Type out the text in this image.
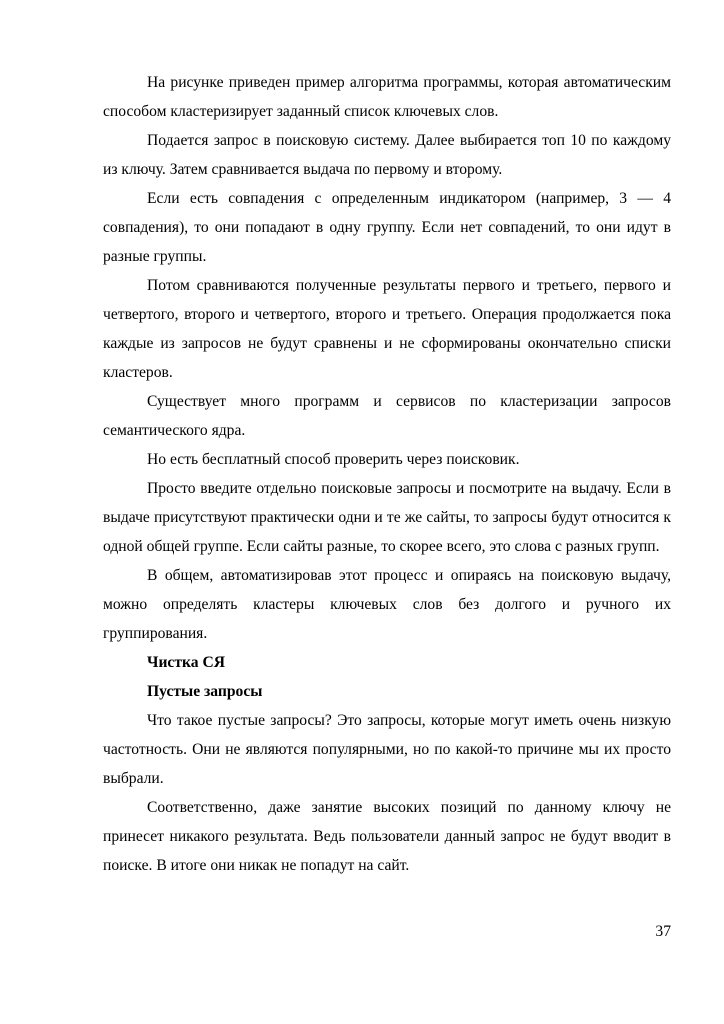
На рисунке приведен пример алгоритма программы, которая автоматическим способом кластеризирует заданный список ключевых слов.

Подается запрос в поисковую систему. Далее выбирается топ 10 по каждому из ключу. Затем сравнивается выдача по первому и второму.

Если есть совпадения с определенным индикатором (например, 3 — 4 совпадения), то они попадают в одну группу. Если нет совпадений, то они идут в разные группы.

Потом сравниваются полученные результаты первого и третьего, первого и четвертого, второго и четвертого, второго и третьего. Операция продолжается пока каждые из запросов не будут сравнены и не сформированы окончательно списки кластеров.

Существует много программ и сервисов по кластеризации запросов семантического ядра.

Но есть бесплатный способ проверить через поисковик.

Просто введите отдельно поисковые запросы и посмотрите на выдачу. Если в выдаче присутствуют практически одни и те же сайты, то запросы будут относится к одной общей группе. Если сайты разные, то скорее всего, это слова с разных групп.

В общем, автоматизировав этот процесс и опираясь на поисковую выдачу, можно определять кластеры ключевых слов без долгого и ручного их группирования.

Чистка СЯ

Пустые запросы

Что такое пустые запросы? Это запросы, которые могут иметь очень низкую частотность. Они не являются популярными, но по какой-то причине мы их просто выбрали.

Соответственно, даже занятие высоких позиций по данному ключу не принесет никакого результата. Ведь пользователи данный запрос не будут вводит в поиске. В итоге они никак не попадут на сайт.

37
